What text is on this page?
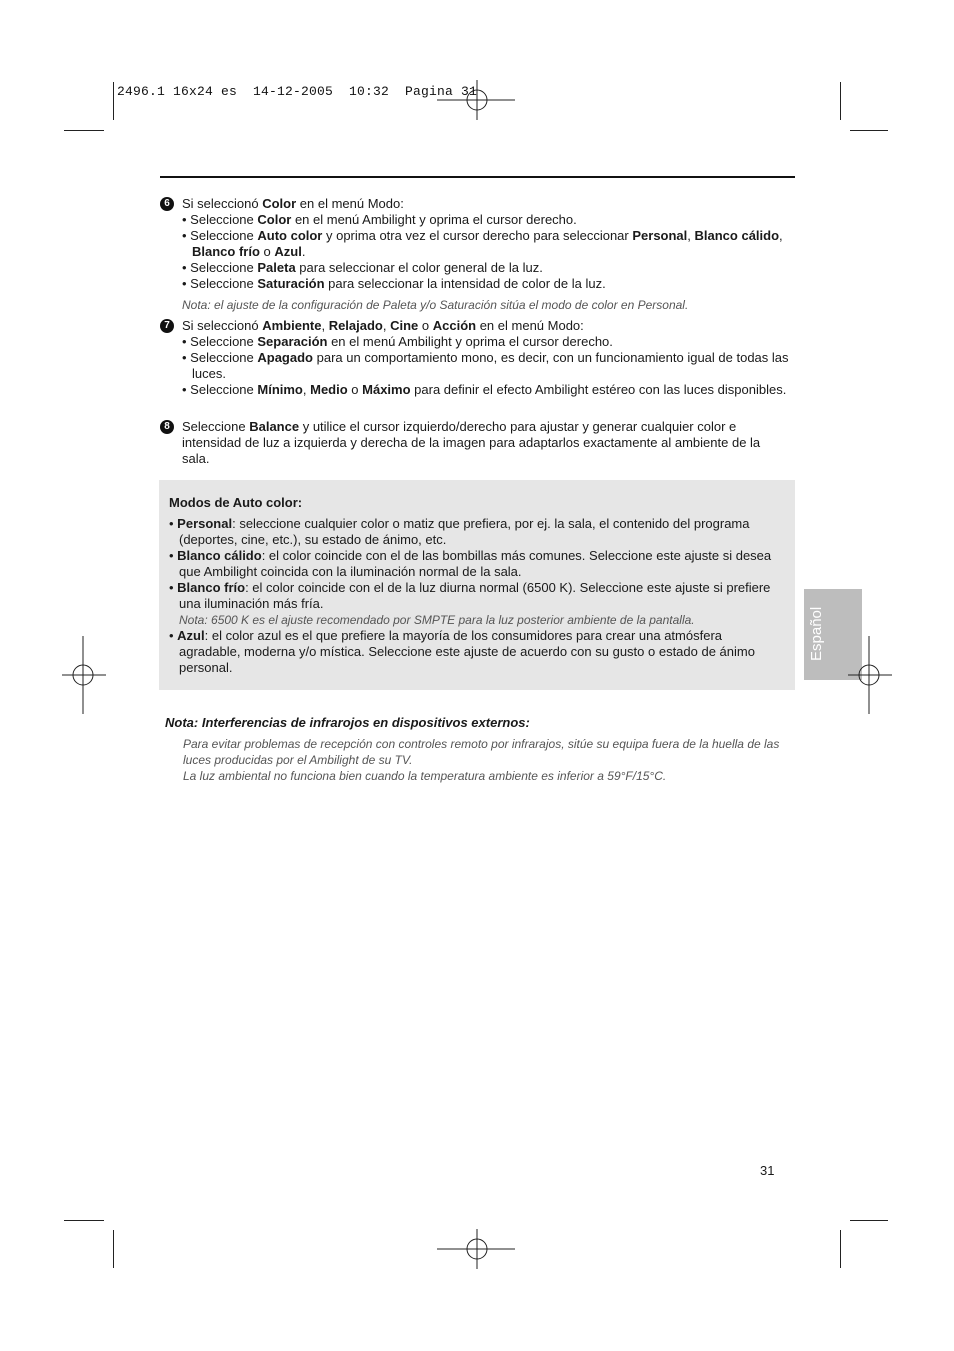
2496.1 16x24 es  14-12-2005  10:32  Pagina 31
6 Si seleccionó Color en el menú Modo:
• Seleccione Color en el menú Ambilight y oprima el cursor derecho.
• Seleccione Auto color y oprima otra vez el cursor derecho para seleccionar Personal, Blanco cálido, Blanco frío o Azul.
• Seleccione Paleta para seleccionar el color general de la luz.
• Seleccione Saturación para seleccionar la intensidad de color de la luz.
Nota: el ajuste de la configuración de Paleta y/o Saturación sitúa el modo de color en Personal.
7 Si seleccionó Ambiente, Relajado, Cine o Acción en el menú Modo:
• Seleccione Separación en el menú Ambilight y oprima el cursor derecho.
• Seleccione Apagado para un comportamiento mono, es decir, con un funcionamiento igual de todas las luces.
• Seleccione Mínimo, Medio o Máximo para definir el efecto Ambilight estéreo con las luces disponibles.
8 Seleccione Balance y utilice el cursor izquierdo/derecho para ajustar y generar cualquier color e intensidad de luz a izquierda y derecha de la imagen para adaptarlos exactamente al ambiente de la sala.
Modos de Auto color:
• Personal: seleccione cualquier color o matiz que prefiera, por ej. la sala, el contenido del programa (deportes, cine, etc.), su estado de ánimo, etc.
• Blanco cálido: el color coincide con el de las bombillas más comunes. Seleccione este ajuste si desea que Ambilight coincida con la iluminación normal de la sala.
• Blanco frío: el color coincide con el de la luz diurna normal (6500 K). Seleccione este ajuste si prefiere una iluminación más fría.
Nota: 6500 K es el ajuste recomendado por SMPTE para la luz posterior ambiente de la pantalla.
• Azul: el color azul es el que prefiere la mayoría de los consumidores para crear una atmósfera agradable, moderna y/o mística. Seleccione este ajuste de acuerdo con su gusto o estado de ánimo personal.
Español
Nota: Interferencias de infrarojos en dispositivos externos:
Para evitar problemas de recepción con controles remoto por infrarajos, sitúe su equipa fuera de la huella de las luces producidas por el Ambilight de su TV.
La luz ambiental no funciona bien cuando la temperatura ambiente es inferior a 59°F/15°C.
31
